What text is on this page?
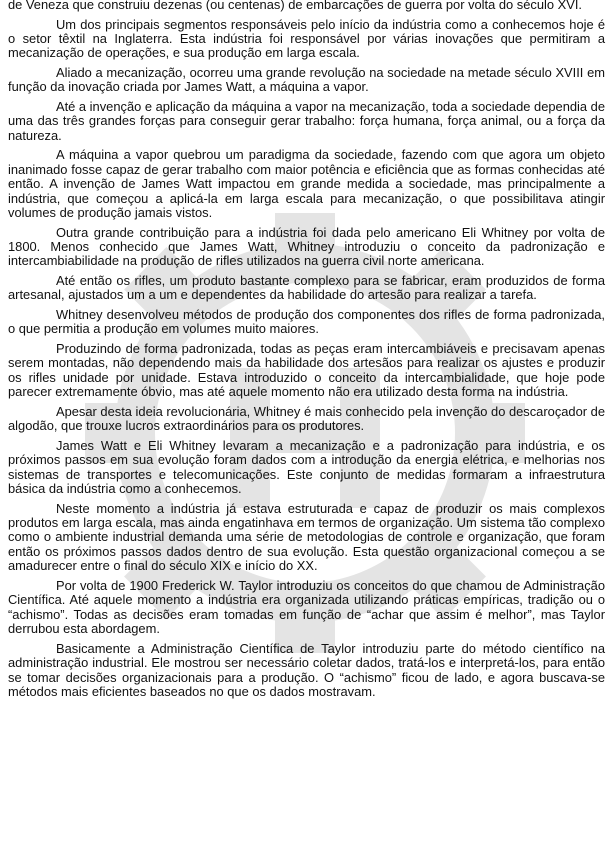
de Veneza que construiu dezenas (ou centenas) de embarcações de guerra por volta do século XVI.

Um dos principais segmentos responsáveis pelo início da indústria como a conhecemos hoje é o setor têxtil na Inglaterra. Esta indústria foi responsável por várias inovações que permitiram a mecanização de operações, e sua produção em larga escala.

Aliado a mecanização, ocorreu uma grande revolução na sociedade na metade século XVIII em função da inovação criada por James Watt, a máquina a vapor.

Até a invenção e aplicação da máquina a vapor na mecanização, toda a sociedade dependia de uma das três grandes forças para conseguir gerar trabalho: força humana, força animal, ou a força da natureza.

A máquina a vapor quebrou um paradigma da sociedade, fazendo com que agora um objeto inanimado fosse capaz de gerar trabalho com maior potência e eficiência que as formas conhecidas até então. A invenção de James Watt impactou em grande medida a sociedade, mas principalmente a indústria, que começou a aplicá-la em larga escala para mecanização, o que possibilitava atingir volumes de produção jamais vistos.

Outra grande contribuição para a indústria foi dada pelo americano Eli Whitney por volta de 1800. Menos conhecido que James Watt, Whitney introduziu o conceito da padronização e intercambiabilidade na produção de rifles utilizados na guerra civil norte americana.

Até então os rifles, um produto bastante complexo para se fabricar, eram produzidos de forma artesanal, ajustados um a um e dependentes da habilidade do artesão para realizar a tarefa.

Whitney desenvolveu métodos de produção dos componentes dos rifles de forma padronizada, o que permitia a produção em volumes muito maiores.

Produzindo de forma padronizada, todas as peças eram intercambiáveis e precisavam apenas serem montadas, não dependendo mais da habilidade dos artesãos para realizar os ajustes e produzir os rifles unidade por unidade. Estava introduzido o conceito da intercambialidade, que hoje pode parecer extremamente óbvio, mas até aquele momento não era utilizado desta forma na indústria.

Apesar desta ideia revolucionária, Whitney é mais conhecido pela invenção do descaroçador de algodão, que trouxe lucros extraordinários para os produtores.

James Watt e Eli Whitney levaram a mecanização e a padronização para indústria, e os próximos passos em sua evolução foram dados com a introdução da energia elétrica, e melhorias nos sistemas de transportes e telecomunicações. Este conjunto de medidas formaram a infraestrutura básica da indústria como a conhecemos.

Neste momento a indústria já estava estruturada e capaz de produzir os mais complexos produtos em larga escala, mas ainda engatinhava em termos de organização. Um sistema tão complexo como o ambiente industrial demanda uma série de metodologias de controle e organização, que foram então os próximos passos dados dentro de sua evolução. Esta questão organizacional começou a se amadurecer entre o final do século XIX e início do XX.

Por volta de 1900 Frederick W. Taylor introduziu os conceitos do que chamou de Administração Científica. Até aquele momento a indústria era organizada utilizando práticas empíricas, tradição ou o “achismo”. Todas as decisões eram tomadas em função de “achar que assim é melhor”, mas Taylor derrubou esta abordagem.

Basicamente a Administração Científica de Taylor introduziu parte do método científico na administração industrial. Ele mostrou ser necessário coletar dados, tratá-los e interpretá-los, para então se tomar decisões organizacionais para a produção. O “achismo” ficou de lado, e agora buscava-se métodos mais eficientes baseados no que os dados mostravam.
